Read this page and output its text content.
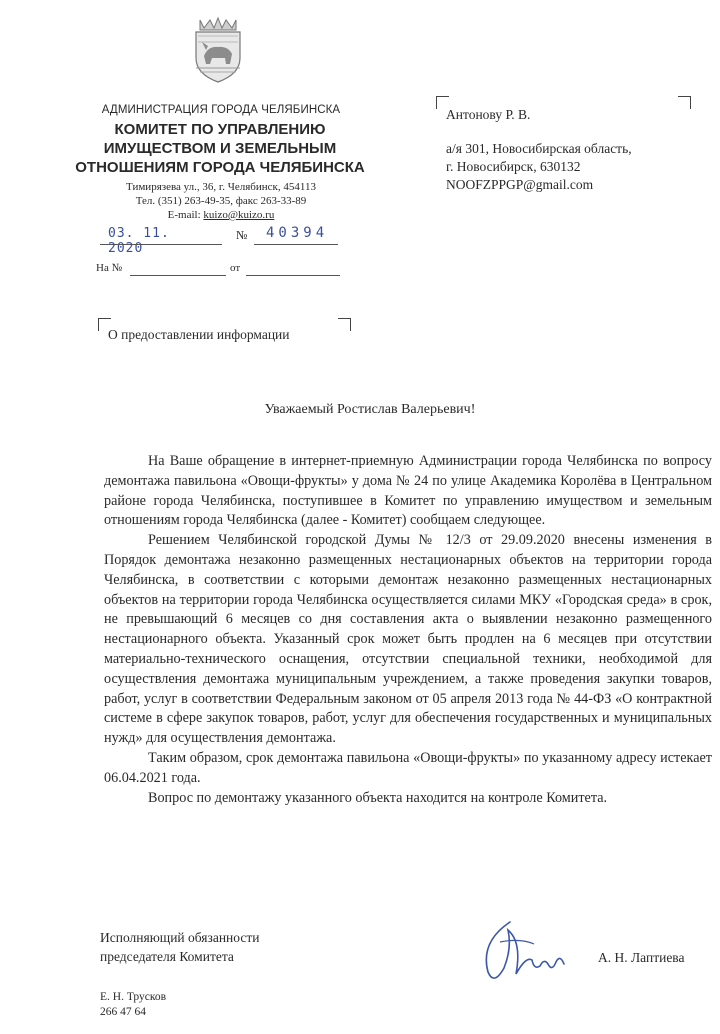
АДМИНИСТРАЦИЯ ГОРОДА ЧЕЛЯБИНСКА
КОМИТЕТ ПО УПРАВЛЕНИЮ
ИМУЩЕСТВОМ И ЗЕМЕЛЬНЫМ
ОТНОШЕНИЯМ ГОРОДА ЧЕЛЯБИНСКА
Тимирязева ул., 36, г. Челябинск, 454113
Тел. (351) 263-49-35, факс 263-33-89
E-mail: kuizo@kuizo.ru
03. 11. 2020
№ 40394
На №	от
Антонову Р. В.
а/я 301, Новосибирская область,
г. Новосибирск, 630132
NOOFZPPGP@gmail.com
О предоставлении информации
Уважаемый Ростислав Валерьевич!

На Ваше обращение в интернет-приемную Администрации города Челябинска по вопросу демонтажа павильона «Овощи-фрукты» у дома № 24 по улице Академика Королёва в Центральном районе города Челябинска, поступившее в Комитет по управлению имуществом и земельным отношениям города Челябинска (далее - Комитет) сообщаем следующее.

Решением Челябинской городской Думы № 12/3 от 29.09.2020 внесены изменения в Порядок демонтажа незаконно размещенных нестационарных объектов на территории города Челябинска, в соответствии с которыми демонтаж незаконно размещенных нестационарных объектов на территории города Челябинска осуществляется силами МКУ «Городская среда» в срок, не превышающий 6 месяцев со дня составления акта о выявлении незаконно размещенного нестационарного объекта. Указанный срок может быть продлен на 6 месяцев при отсутствии материально-технического оснащения, отсутствии специальной техники, необходимой для осуществления демонтажа муниципальным учреждением, а также проведения закупки товаров, работ, услуг в соответствии Федеральным законом от 05 апреля 2013 года № 44-ФЗ «О контрактной системе в сфере закупок товаров, работ, услуг для обеспечения государственных и муниципальных нужд» для осуществления демонтажа.

Таким образом, срок демонтажа павильона «Овощи-фрукты» по указанному адресу истекает 06.04.2021 года.

Вопрос по демонтажу указанного объекта находится на контроле Комитета.

Исполняющий обязанности
председателя Комитета	А. Н. Лаптиева
Е. Н. Трусков
266 47 64
